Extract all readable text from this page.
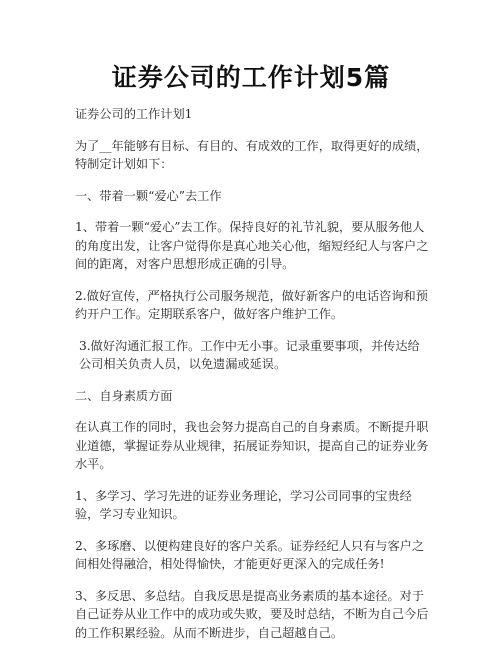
证券公司的工作计划5篇

证券公司的工作计划1

为了__年能够有目标、有目的、有成效的工作，取得更好的成绩，特制定计划如下：

一、带着一颗“爱心”去工作

1、带着一颗“爱心”去工作。保持良好的礼节礼貌，要从服务他人的角度出发，让客户觉得你是真心地关心他，缩短经纪人与客户之间的距离，对客户思想形成正确的引导。

2.做好宣传，严格执行公司服务规范，做好新客户的电话咨询和预约开户工作。定期联系客户，做好客户维护工作。

3.做好沟通汇报工作。工作中无小事。记录重要事项，并传达给公司相关负责人员，以免遗漏或延误。

二、自身素质方面

在认真工作的同时，我也会努力提高自己的自身素质。不断提升职业道德，掌握证券从业规律，拓展证券知识，提高自己的证券业务水平。

1、多学习、学习先进的证券业务理论，学习公司同事的宝贵经验，学习专业知识。

2、多琢磨、以便构建良好的客户关系。证券经纪人只有与客户之间相处得融洽，相处得愉快，才能更好更深入的完成任务!

3、多反思、多总结。自我反思是提高业务素质的基本途径。对于自己证券从业工作中的成功或失败，要及时总结，不断为自己今后的工作积累经验。从而不断进步，自己超越自己。
